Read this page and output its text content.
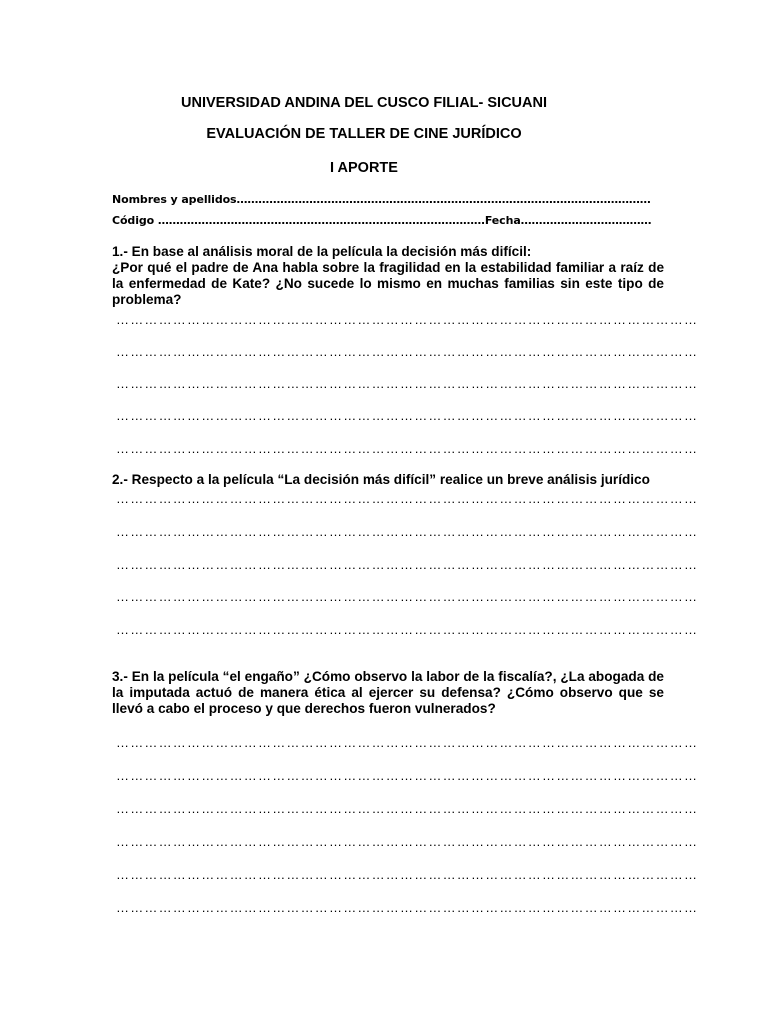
UNIVERSIDAD ANDINA DEL CUSCO FILIAL- SICUANI
EVALUACIÓN DE TALLER DE CINE JURÍDICO
I APORTE
Nombres y apellidos……………………………………………………………………………………………………
Código ………………………………………………………………………………Fecha………………………………
1.- En base al análisis moral de la película la decisión más difícil:
¿Por qué el padre de Ana habla sobre la fragilidad en la estabilidad familiar a raíz de la enfermedad de Kate? ¿No sucede lo mismo en muchas familias sin este tipo de problema?
……………………………………………………………………………………………………………
……………………………………………………………………………………………………………
……………………………………………………………………………………………………………
……………………………………………………………………………………………………………
……………………………………………………………………………………………………………
2.- Respecto a la película “La decisión más difícil” realice un breve análisis jurídico
……………………………………………………………………………………………………………
……………………………………………………………………………………………………………
……………………………………………………………………………………………………………
……………………………………………………………………………………………………………
……………………………………………………………………………………………………………
3.- En la película “el engaño” ¿Cómo observo la labor de la fiscalía?, ¿La abogada de la imputada actuó de manera ética al ejercer su defensa? ¿Cómo observo que se llevó a cabo el proceso y que derechos fueron vulnerados?
……………………………………………………………………………………………………………
……………………………………………………………………………………………………………
……………………………………………………………………………………………………………
……………………………………………………………………………………………………………
……………………………………………………………………………………………………………
……………………………………………………………………………………………………………
